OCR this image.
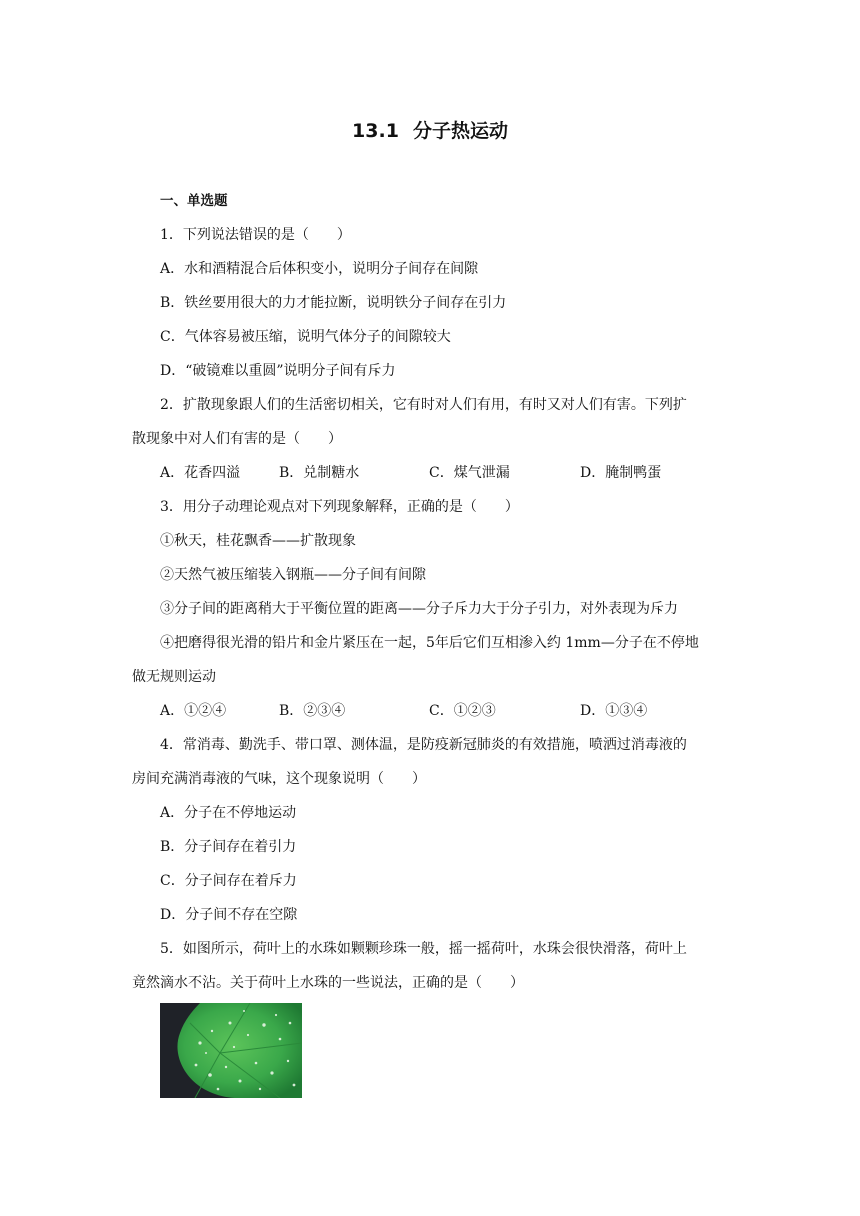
13.1 分子热运动
一、单选题
1．下列说法错误的是（　　）
A．水和酒精混合后体积变小，说明分子间存在间隙
B．铁丝要用很大的力才能拉断，说明铁分子间存在引力
C．气体容易被压缩，说明气体分子的间隙较大
D．“破镜难以重圆”说明分子间有斥力
2．扩散现象跟人们的生活密切相关，它有时对人们有用，有时又对人们有害。下列扩
散现象中对人们有害的是（　　）
A．花香四溢	B．兑制糖水	C．煤气泄漏	D．腌制鸭蛋
3．用分子动理论观点对下列现象解释，正确的是（　　）
①秋天，桂花飘香——扩散现象
②天然气被压缩装入钢瓶——分子间有间隙
③分子间的距离稍大于平衡位置的距离——分子斥力大于分子引力，对外表现为斥力
④把磨得很光滑的铅片和金片紧压在一起，5年后它们互相渗入约 1mm—分子在不停地
做无规则运动
A．①②④	B．②③④	C．①②③	D．①③④
4．常消毒、勤洗手、带口罩、测体温，是防疫新冠肺炎的有效措施，喷洒过消毒液的
房间充满消毒液的气味，这个现象说明（　　）
A．分子在不停地运动
B．分子间存在着引力
C．分子间存在着斥力
D．分子间不存在空隙
5．如图所示，荷叶上的水珠如颗颗珍珠一般，摇一摇荷叶，水珠会很快滑落，荷叶上
竟然滴水不沾。关于荷叶上水珠的一些说法，正确的是（　　）
